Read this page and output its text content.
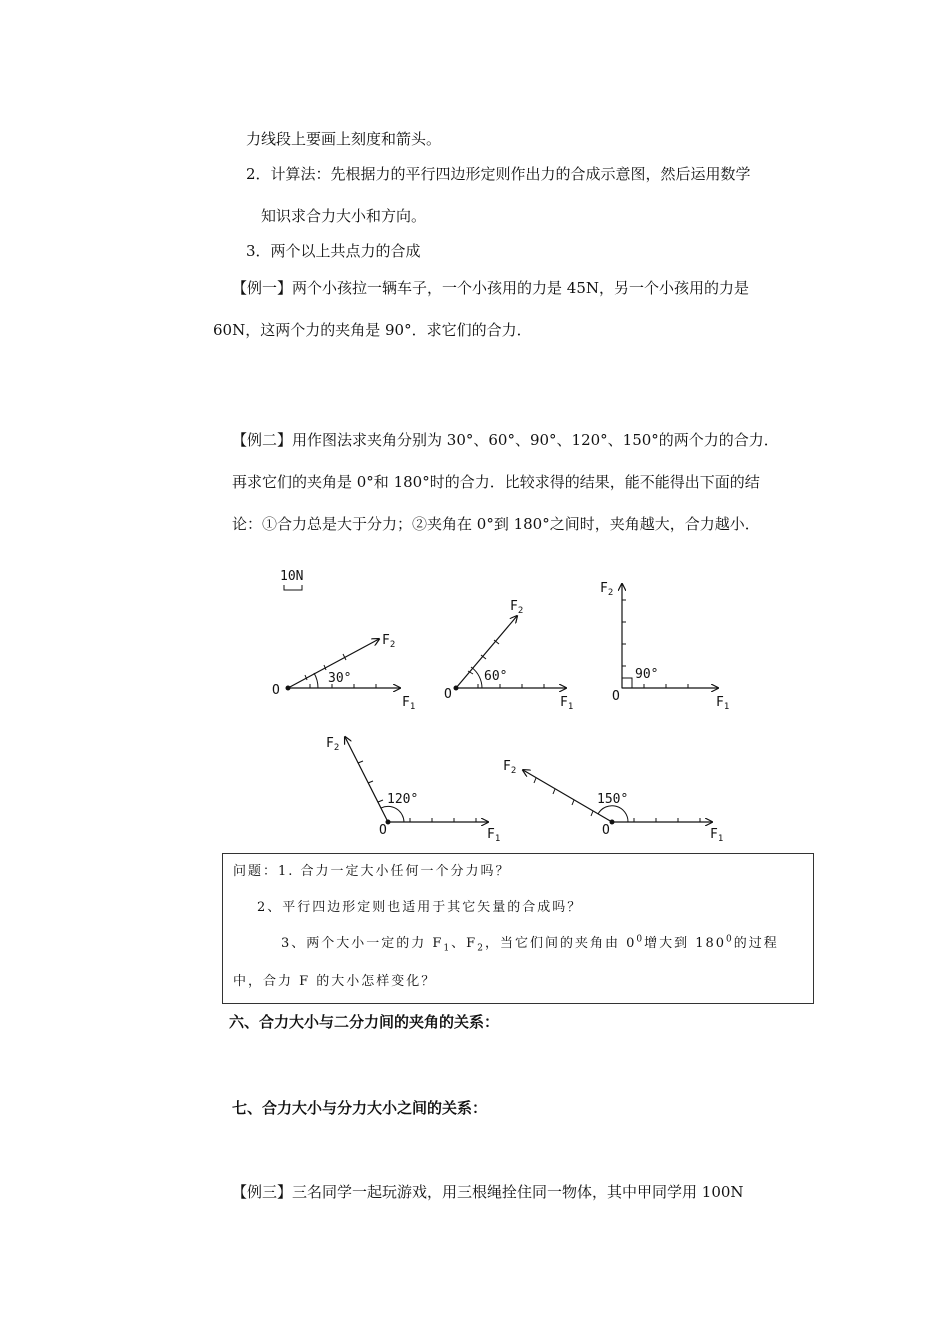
力线段上要画上刻度和箭头。
2．计算法：先根据力的平行四边形定则作出力的合成示意图，然后运用数学
知识求合力大小和方向。
3．两个以上共点力的合成
【例一】两个小孩拉一辆车子，一个小孩用的力是 45N，另一个小孩用的力是
60N，这两个力的夹角是 90°．求它们的合力．
【例二】用作图法求夹角分别为 30°、60°、90°、120°、150°的两个力的合力．
再求它们的夹角是 0°和 180°时的合力．比较求得的结果，能不能得出下面的结
论：①合力总是大于分力；②夹角在 0°到 180°之间时，夹角越大，合力越小．
10N
O
30°
$F_1$
$F_2$
O
60°
$F_1$
$F_2$
O
90°
$F_1$
$F_2$
O
120°
$F_1$
$F_2$
O
150°
$F_1$
$F_2$
问题：1. 合力一定大小任何一个分力吗？
2、平行四边形定则也适用于其它矢量的合成吗？
3、两个大小一定的力 $F_1$、$F_2$，当它们间的夹角由 $0^0$增大到 $180^0$的过程
中，合力 F 的大小怎样变化？
六、合力大小与二分力间的夹角的关系：
七、合力大小与分力大小之间的关系：
【例三】三名同学一起玩游戏，用三根绳拴住同一物体，其中甲同学用 100N
